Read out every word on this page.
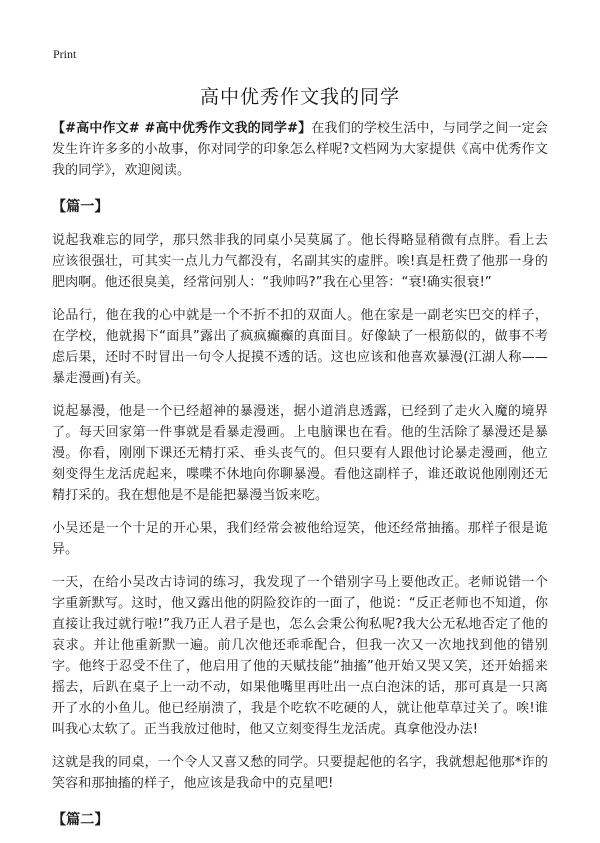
Print
高中优秀作文我的同学

【#高中作文# #高中优秀作文我的同学#】在我们的学校生活中，与同学之间一定会发生许许多多的小故事，你对同学的印象怎么样呢?文档网为大家提供《高中优秀作文我的同学》，欢迎阅读。

【篇一】

说起我难忘的同学，那只然非我的同桌小吴莫属了。他长得略显稍微有点胖。看上去应该很强壮，可其实一点儿力气都没有，名副其实的虚胖。唉!真是枉费了他那一身的肥肉啊。他还很臭美，经常问别人：“我帅吗?”我在心里答：“衰!确实很衰!”

论品行，他在我的心中就是一个不折不扣的双面人。他在家是一副老实巴交的样子，在学校，他就揭下“面具”露出了疯疯癫癫的真面目。好像缺了一根筋似的，做事不考虑后果，还时不时冒出一句令人捉摸不透的话。这也应该和他喜欢暴漫(江湖人称——暴走漫画)有关。

说起暴漫，他是一个已经超神的暴漫迷，据小道消息透露，已经到了走火入魔的境界了。每天回家第一件事就是看暴走漫画。上电脑课也在看。他的生活除了暴漫还是暴漫。你看，刚刚下课还无精打采、垂头丧气的。但只要有人跟他讨论暴走漫画，他立刻变得生龙活虎起来，喋喋不休地向你聊暴漫。看他这副样子，谁还敢说他刚刚还无精打采的。我在想他是不是能把暴漫当饭来吃。

小吴还是一个十足的开心果，我们经常会被他给逗笑，他还经常抽搐。那样子很是诡异。

一天，在给小吴改古诗词的练习，我发现了一个错别字马上要他改正。老师说错一个字重新默写。这时，他又露出他的阴险狡诈的一面了，他说：“反正老师也不知道，你直接让我过就行啦!”我乃正人君子是也，怎么会秉公徇私呢?我大公无私地否定了他的哀求。并让他重新默一遍。前几次他还乖乖配合，但我一次又一次地找到他的错别字。他终于忍受不住了，他启用了他的天赋技能“抽搐”他开始又哭又笑，还开始摇来摇去，后趴在桌子上一动不动，如果他嘴里再吐出一点白泡沫的话，那可真是一只离开了水的小鱼儿。他已经崩溃了，我是个吃软不吃硬的人，就让他草草过关了。唉!谁叫我心太软了。正当我放过他时，他又立刻变得生龙活虎。真拿他没办法!

这就是我的同桌，一个令人又喜又愁的同学。只要提起他的名字，我就想起他那*诈的笑容和那抽搐的样子，他应该是我命中的克星吧!

【篇二】
